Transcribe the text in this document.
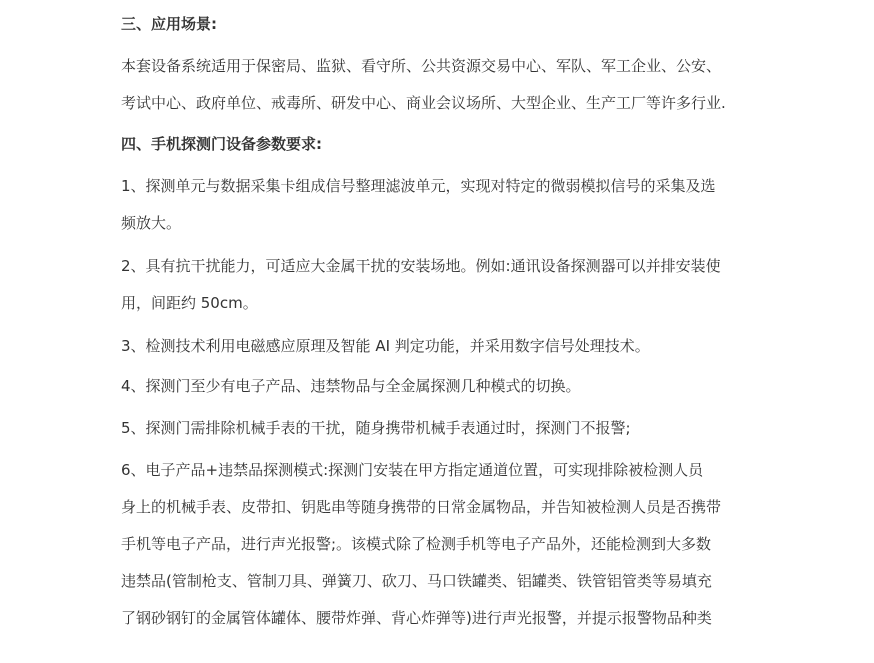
三、应用场景:
本套设备系统适用于保密局、监狱、看守所、公共资源交易中心、军队、军工企业、公安、
考试中心、政府单位、戒毒所、研发中心、商业会议场所、大型企业、生产工厂等许多行业.
四、手机探测门设备参数要求:
1、探测单元与数据采集卡组成信号整理滤波单元，实现对特定的微弱模拟信号的采集及选
频放大。
2、具有抗干扰能力，可适应大金属干扰的安装场地。例如:通讯设备探测器可以并排安装使
用，间距约 50cm。
3、检测技术利用电磁感应原理及智能 AI 判定功能，并采用数字信号处理技术。
4、探测门至少有电子产品、违禁物品与全金属探测几种模式的切换。
5、探测门需排除机械手表的干扰，随身携带机械手表通过时，探测门不报警;
6、电子产品+违禁品探测模式:探测门安装在甲方指定通道位置，可实现排除被检测人员
身上的机械手表、皮带扣、钥匙串等随身携带的日常金属物品，并告知被检测人员是否携带
手机等电子产品，进行声光报警;。该模式除了检测手机等电子产品外，还能检测到大多数
违禁品(管制枪支、管制刀具、弹簧刀、砍刀、马口铁罐类、铝罐类、铁管铝管类等易填充
了钢砂钢钉的金属管体罐体、腰带炸弹、背心炸弹等)进行声光报警，并提示报警物品种类
